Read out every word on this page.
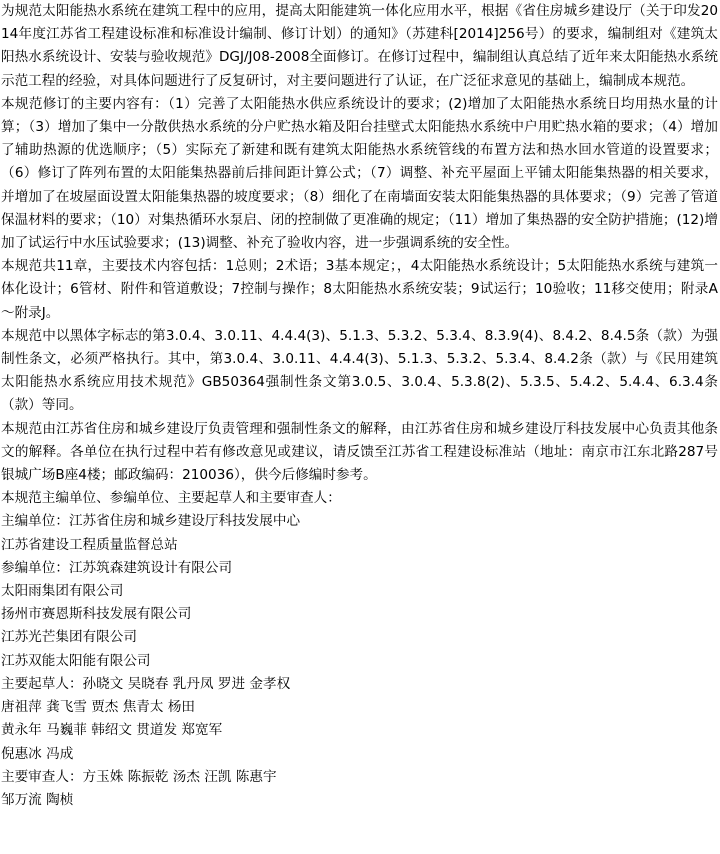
为规范太阳能热水系统在建筑工程中的应用，提高太阳能建筑一体化应用水平，根据《省住房城乡建设厅（关于印发2014年度江苏省工程建设标准和标准设计编制、修订计划）的通知》（苏建科[2014]256号）的要求，编制组对《建筑太阳热水系统设计、安装与验收规范》DGJ/J08-2008全面修订。在修订过程中，编制组认真总结了近年来太阳能热水系统示范工程的经验，对具体问题进行了反复研讨，对主要问题进行了认证，在广泛征求意见的基础上，编制成本规范。

本规范修订的主要内容有：（1）完善了太阳能热水供应系统设计的要求；(2)增加了太阳能热水系统日均用热水量的计算；（3）增加了集中一分散供热水系统的分户贮热水箱及阳台挂壁式太阳能热水系统中户用贮热水箱的要求；（4）增加了辅助热源的优选顺序；（5）实际充了新建和既有建筑太阳能热水系统管线的布置方法和热水回水管道的设置要求；（6）修订了阵列布置的太阳能集热器前后排间距计算公式；（7）调整、补充平屋面上平铺太阳能集热器的相关要求，并增加了在坡屋面设置太阳能集热器的坡度要求；（8）细化了在南墙面安装太阳能集热器的具体要求；（9）完善了管道保温材料的要求；（10）对集热循环水泵启、闭的控制做了更准确的规定；（11）增加了集热器的安全防护措施；(12)增加了试运行中水压试验要求；(13)调整、补充了验收内容，进一步强调系统的安全性。

本规范共11章，主要技术内容包括：1总则；2术语；3基本规定；，4太阳能热水系统设计；5太阳能热水系统与建筑一体化设计；6管材、附件和管道敷设；7控制与操作；8太阳能热水系统安装；9试运行；10验收；11移交使用；附录A～附录J。

本规范中以黑体字标志的第3.0.4、3.0.11、4.4.4(3)、5.1.3、5.3.2、5.3.4、8.3.9(4)、8.4.2、8.4.5条（款）为强制性条文，必须严格执行。其中，第3.0.4、3.0.11、4.4.4(3)、5.1.3、5.3.2、5.3.4、8.4.2条（款）与《民用建筑太阳能热水系统应用技术规范》GB50364强制性条文第3.0.5、3.0.4、5.3.8(2)、5.3.5、5.4.2、5.4.4、6.3.4条（款）等同。

本规范由江苏省住房和城乡建设厅负责管理和强制性条文的解释，由江苏省住房和城乡建设厅科技发展中心负责其他条文的解释。各单位在执行过程中若有修改意见或建议，请反馈至江苏省工程建设标准站（地址：南京市江东北路287号银城广场B座4楼；邮政编码：210036），供今后修编时参考。

本规范主编单位、参编单位、主要起草人和主要审查人：

主编单位：江苏省住房和城乡建设厅科技发展中心

江苏省建设工程质量监督总站

参编单位：江苏筑森建筑设计有限公司

太阳雨集团有限公司

扬州市赛恩斯科技发展有限公司

江苏光芒集团有限公司

江苏双能太阳能有限公司

主要起草人：孙晓文 吴晓春 乳丹凤 罗进 金孝权

唐祖萍 龚飞雪 贾杰 焦青太 杨田

黄永年 马巍菲 韩绍文 贯道发 郑宽军

倪惠冰 冯成

主要审查人：方玉姝 陈振乾 汤杰 汪凯 陈惠宇

邹万流 陶桢
